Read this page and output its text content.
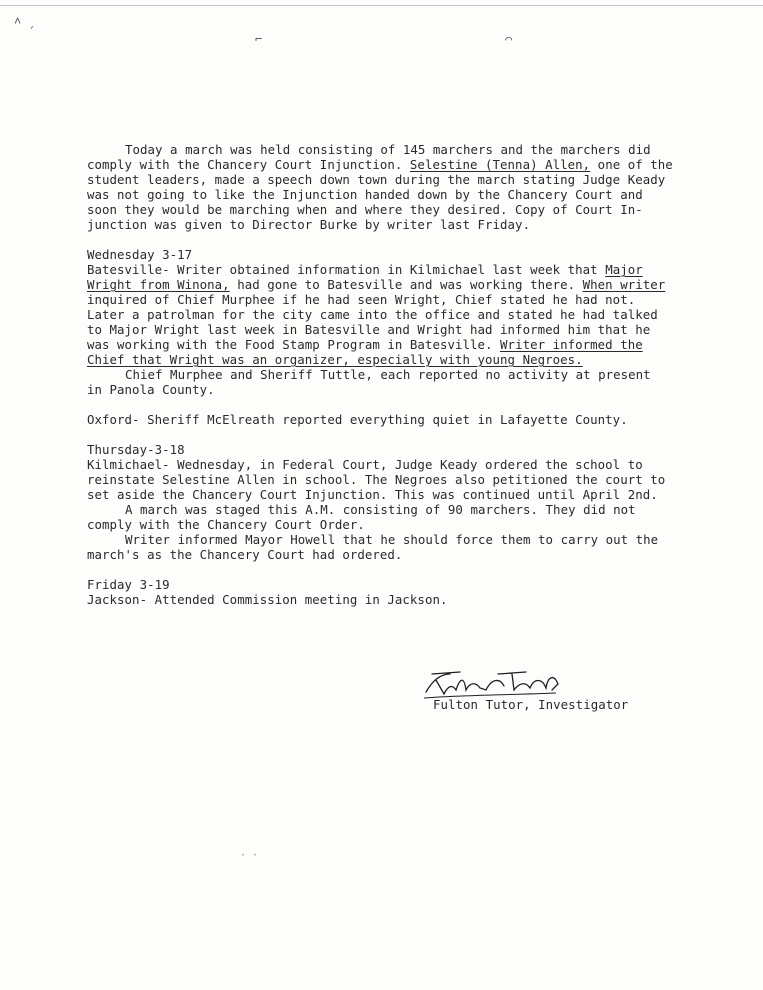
˄ ˏ
⌐	⌒
Today a march was held consisting of 145 marchers and the marchers did
comply with the Chancery Court Injunction. Selestine (Tenna) Allen, one of the
student leaders, made a speech down town during the march stating Judge Keady
was not going to like the Injunction handed down by the Chancery Court and
soon they would be marching when and where they desired. Copy of Court In-
junction was given to Director Burke by writer last Friday.
Wednesday 3-17
Batesville- Writer obtained information in Kilmichael last week that Major
Wright from Winona, had gone to Batesville and was working there. When writer
inquired of Chief Murphee if he had seen Wright, Chief stated he had not.
Later a patrolman for the city came into the office and stated he had talked
to Major Wright last week in Batesville and Wright had informed him that he
was working with the Food Stamp Program in Batesville. Writer informed the
Chief that Wright was an organizer, especially with young Negroes.
Chief Murphee and Sheriff Tuttle, each reported no activity at present
in Panola County.
Oxford- Sheriff McElreath reported everything quiet in Lafayette County.
Thursday-3-18
Kilmichael- Wednesday, in Federal Court, Judge Keady ordered the school to
reinstate Selestine Allen in school. The Negroes also petitioned the court to
set aside the Chancery Court Injunction. This was continued until April 2nd.
A march was staged this A.M. consisting of 90 marchers. They did not
comply with the Chancery Court Order.
Writer informed Mayor Howell that he should force them to carry out the
march's as the Chancery Court had ordered.
Friday 3-19
Jackson- Attended Commission meeting in Jackson.
Fulton Tutor, Investigator
· ·
